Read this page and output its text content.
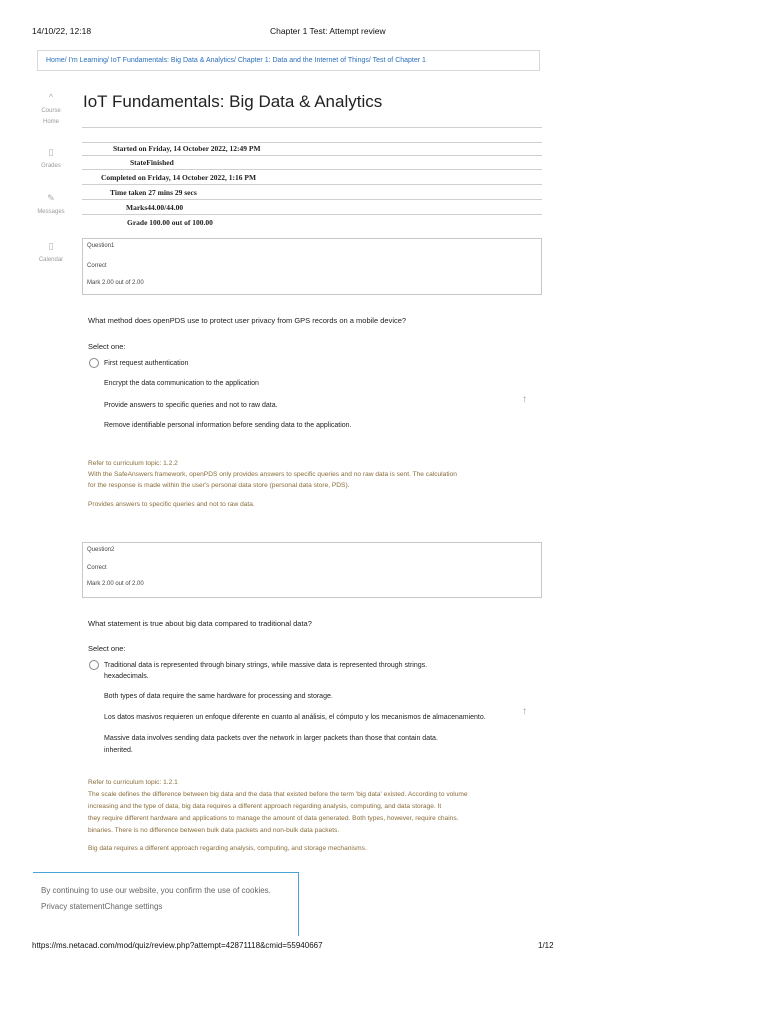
14/10/22, 12:18	Chapter 1 Test: Attempt review
Home/ I'm Learning/ IoT Fundamentals: Big Data & Analytics/ Chapter 1: Data and the Internet of Things/ Test of Chapter 1
^
Course
Home
▯
Grades
✎
Messages
▯
Calendar
IoT Fundamentals: Big Data & Analytics
Started on Friday, 14 October 2022, 12:49 PM
StateFinished
Completed on Friday, 14 October 2022, 1:16 PM
Time taken 27 mins 29 secs
Marks44.00/44.00
Grade 100.00 out of 100.00
Question1
Correct
Mark 2.00 out of 2.00
What method does openPDS use to protect user privacy from GPS records on a mobile device?
Select one:
First request authentication
Encrypt the data communication to the application
Provide answers to specific queries and not to raw data.
Remove identifiable personal information before sending data to the application.
↑
Refer to curriculum topic: 1.2.2
With the SafeAnswers framework, openPDS only provides answers to specific queries and no raw data is sent. The calculation
for the response is made within the user's personal data store (personal data store, PDS).
Provides answers to specific queries and not to raw data.
Question2
Correct
Mark 2.00 out of 2.00
What statement is true about big data compared to traditional data?
Select one:
Traditional data is represented through binary strings, while massive data is represented through strings.
hexadecimals.
Both types of data require the same hardware for processing and storage.
Los datos masivos requieren un enfoque diferente en cuanto al análisis, el cómputo y los mecanismos de almacenamiento.
Massive data involves sending data packets over the network in larger packets than those that contain data.
inherited.
↑
Refer to curriculum topic: 1.2.1
The scale defines the difference between big data and the data that existed before the term 'big data' existed. According to volume
increasing and the type of data, big data requires a different approach regarding analysis, computing, and data storage. It
they require different hardware and applications to manage the amount of data generated. Both types, however, require chains.
binaries. There is no difference between bulk data packets and non-bulk data packets.
Big data requires a different approach regarding analysis, computing, and storage mechanisms.
By continuing to use our website, you confirm the use of cookies.
Privacy statementChange settings
https://ms.netacad.com/mod/quiz/review.php?attempt=42871118&cmid=55940667	1/12
